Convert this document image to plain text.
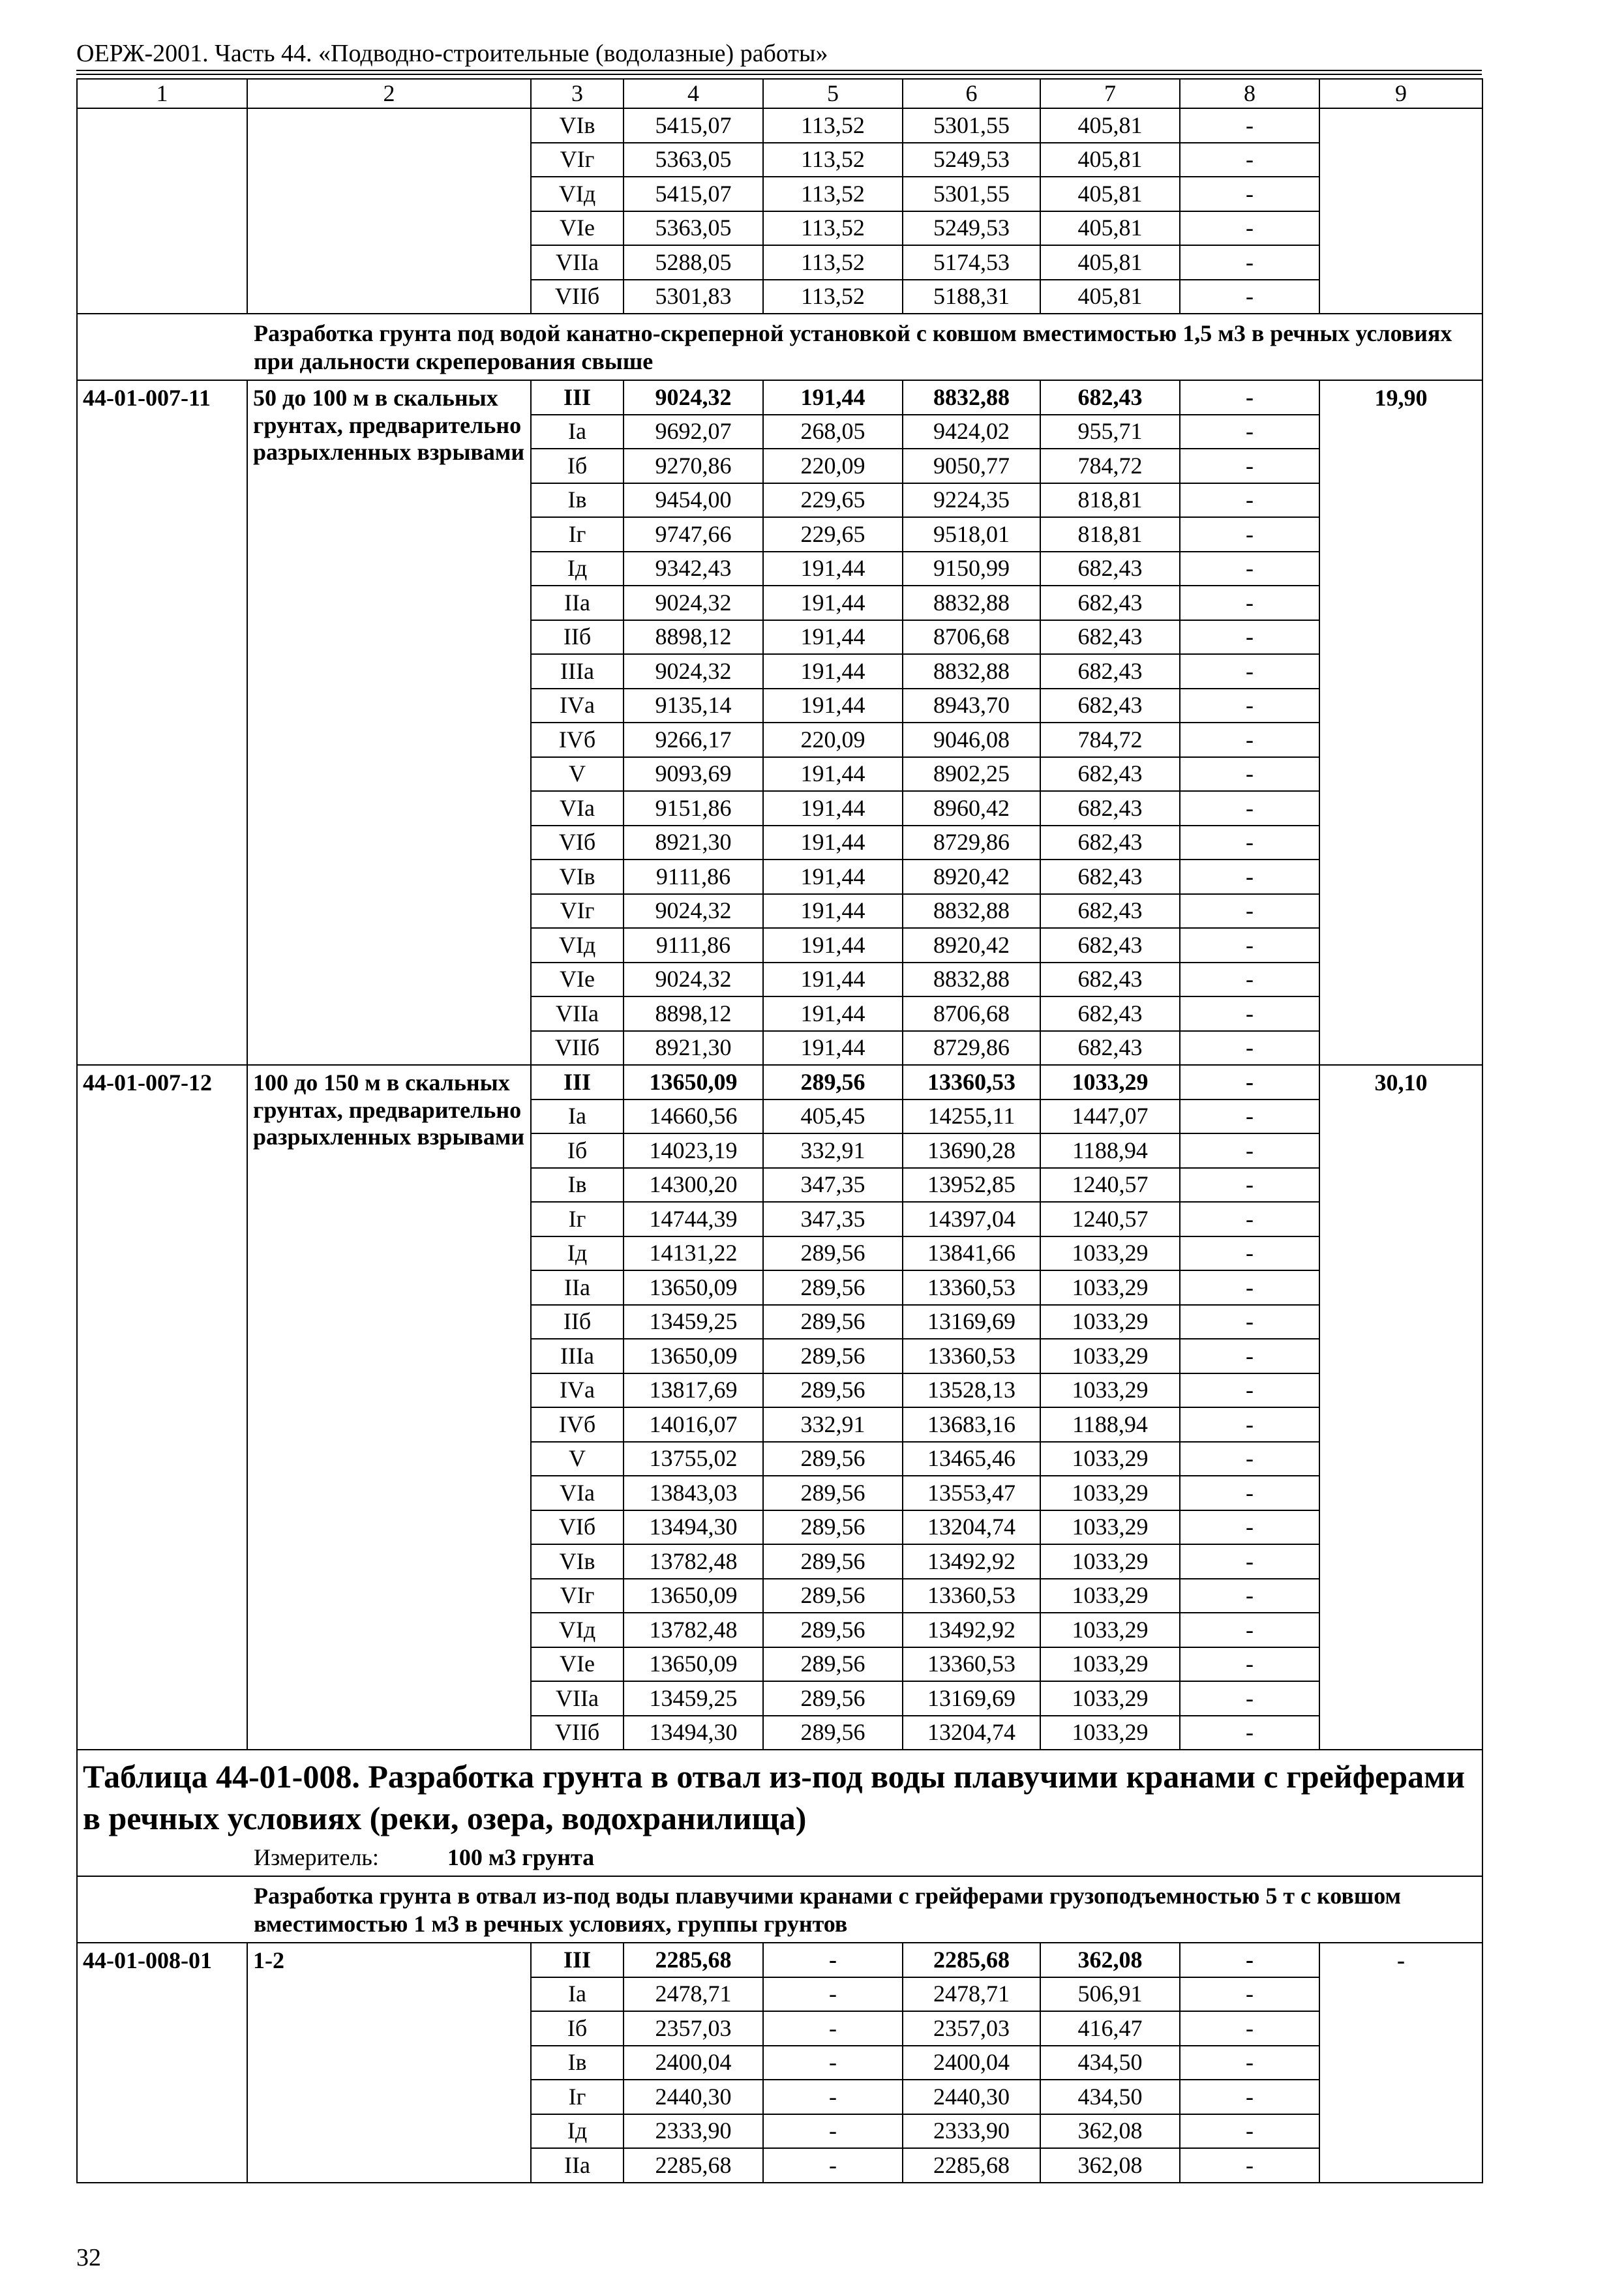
ОЕРЖ-2001. Часть 44. «Подводно-строительные (водолазные) работы»
1	2	3	4	5	6	7	8	9
		VIв	5415,07	113,52	5301,55	405,81	-	
		VIг	5363,05	113,52	5249,53	405,81	-	
		VIд	5415,07	113,52	5301,55	405,81	-	
		VIе	5363,05	113,52	5249,53	405,81	-	
		VIIа	5288,05	113,52	5174,53	405,81	-	
		VIIб	5301,83	113,52	5188,31	405,81	-	
Разработка грунта под водой канатно-скреперной установкой с ковшом вместимостью 1,5 м3 в речных условиях при дальности скреперования свыше								
44-01-007-11	50 до 100 м в скальных грунтах, предварительно разрыхленных взрывами	III	9024,32	191,44	8832,88	682,43	-	19,90
		Iа	9692,07	268,05	9424,02	955,71	-	
		Iб	9270,86	220,09	9050,77	784,72	-	
		Iв	9454,00	229,65	9224,35	818,81	-	
		Iг	9747,66	229,65	9518,01	818,81	-	
		Iд	9342,43	191,44	9150,99	682,43	-	
		IIа	9024,32	191,44	8832,88	682,43	-	
		IIб	8898,12	191,44	8706,68	682,43	-	
		IIIа	9024,32	191,44	8832,88	682,43	-	
		IVа	9135,14	191,44	8943,70	682,43	-	
		IVб	9266,17	220,09	9046,08	784,72	-	
		V	9093,69	191,44	8902,25	682,43	-	
		VIа	9151,86	191,44	8960,42	682,43	-	
		VIб	8921,30	191,44	8729,86	682,43	-	
		VIв	9111,86	191,44	8920,42	682,43	-	
		VIг	9024,32	191,44	8832,88	682,43	-	
		VIд	9111,86	191,44	8920,42	682,43	-	
		VIе	9024,32	191,44	8832,88	682,43	-	
		VIIа	8898,12	191,44	8706,68	682,43	-	
		VIIб	8921,30	191,44	8729,86	682,43	-	
44-01-007-12	100 до 150 м в скальных грунтах, предварительно разрыхленных взрывами	III	13650,09	289,56	13360,53	1033,29	-	30,10
		Iа	14660,56	405,45	14255,11	1447,07	-	
		Iб	14023,19	332,91	13690,28	1188,94	-	
		Iв	14300,20	347,35	13952,85	1240,57	-	
		Iг	14744,39	347,35	14397,04	1240,57	-	
		Iд	14131,22	289,56	13841,66	1033,29	-	
		IIа	13650,09	289,56	13360,53	1033,29	-	
		IIб	13459,25	289,56	13169,69	1033,29	-	
		IIIа	13650,09	289,56	13360,53	1033,29	-	
		IVа	13817,69	289,56	13528,13	1033,29	-	
		IVб	14016,07	332,91	13683,16	1188,94	-	
		V	13755,02	289,56	13465,46	1033,29	-	
		VIа	13843,03	289,56	13553,47	1033,29	-	
		VIб	13494,30	289,56	13204,74	1033,29	-	
		VIв	13782,48	289,56	13492,92	1033,29	-	
		VIг	13650,09	289,56	13360,53	1033,29	-	
		VIд	13782,48	289,56	13492,92	1033,29	-	
		VIе	13650,09	289,56	13360,53	1033,29	-	
		VIIа	13459,25	289,56	13169,69	1033,29	-	
		VIIб	13494,30	289,56	13204,74	1033,29	-	

Таблица 44-01-008. Разработка грунта в отвал из-под воды плавучими кранами с грейферами в речных условиях (реки, озера, водохранилища)
Измеритель: 100 м3 грунта								

Разработка грунта в отвал из-под воды плавучими кранами с грейферами грузоподъемностью 5 т с ковшом вместимостью 1 м3 в речных условиях, группы грунтов								
44-01-008-01	1-2	III	2285,68	-	2285,68	362,08	-	-
		Iа	2478,71	-	2478,71	506,91	-	
		Iб	2357,03	-	2357,03	416,47	-	
		Iв	2400,04	-	2400,04	434,50	-	
		Iг	2440,30	-	2440,30	434,50	-	
		Iд	2333,90	-	2333,90	362,08	-	
		IIа	2285,68	-	2285,68	362,08	-	
32
